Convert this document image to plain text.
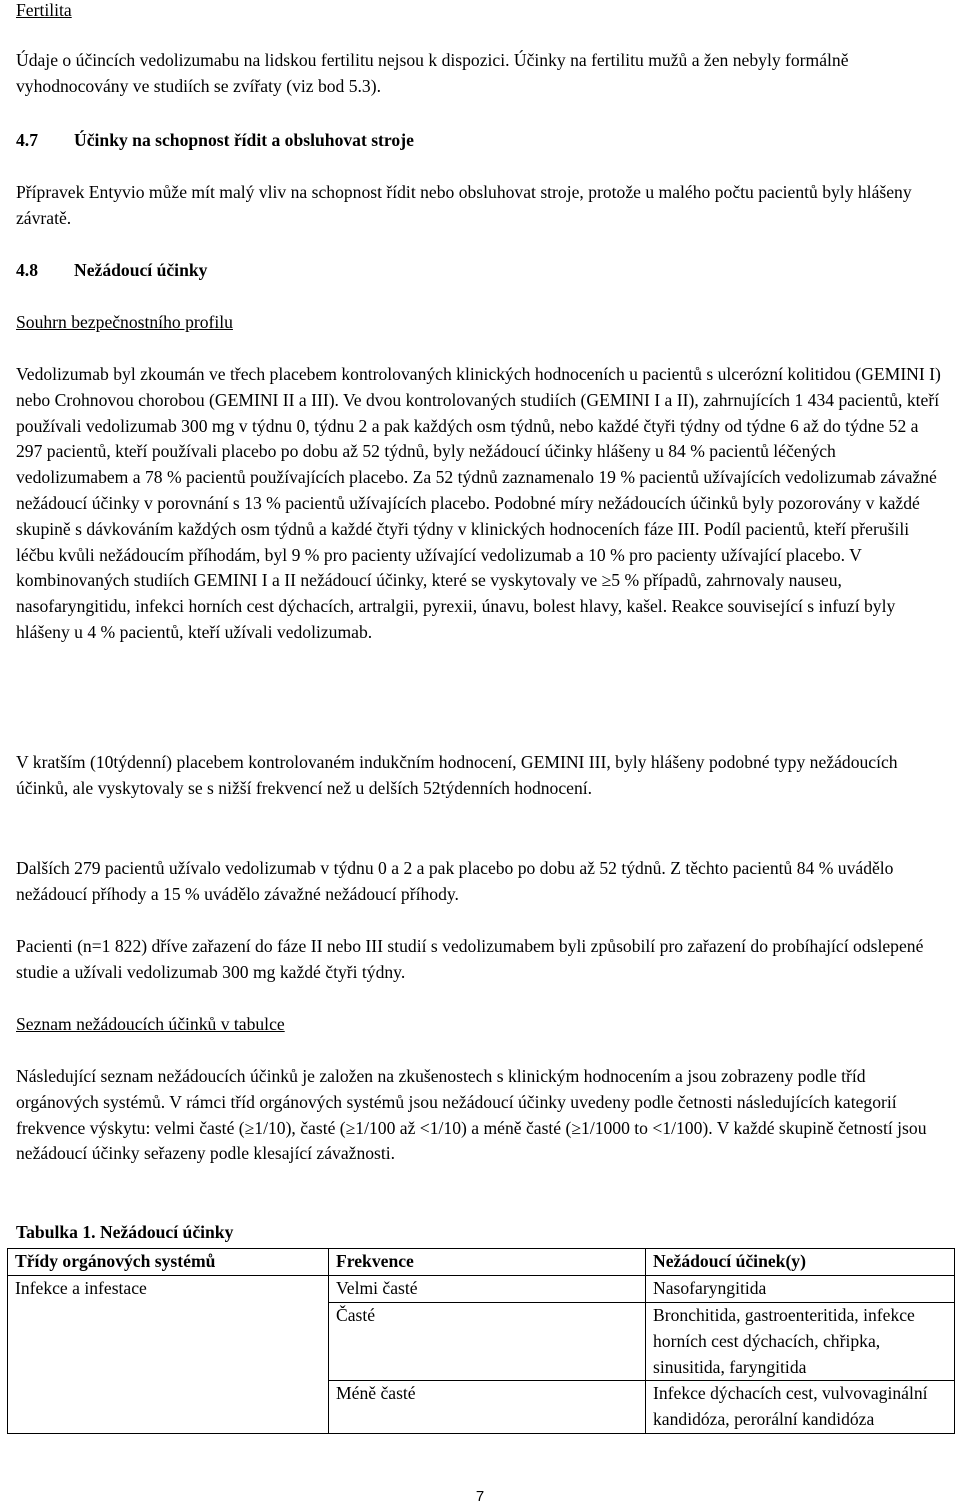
Fertilita
Údaje o účincích vedolizumabu na lidskou fertilitu nejsou k dispozici. Účinky na fertilitu mužů a žen nebyly formálně vyhodnocovány ve studiích se zvířaty (viz bod 5.3).
4.7 Účinky na schopnost řídit a obsluhovat stroje
Přípravek Entyvio může mít malý vliv na schopnost řídit nebo obsluhovat stroje, protože u malého počtu pacientů byly hlášeny závratě.
4.8 Nežádoucí účinky
Souhrn bezpečnostního profilu
Vedolizumab byl zkoumán ve třech placebem kontrolovaných klinických hodnoceních u pacientů s ulcerózní kolitidou (GEMINI I) nebo Crohnovou chorobou (GEMINI II a III). Ve dvou kontrolovaných studiích (GEMINI I a II), zahrnujících 1 434 pacientů, kteří používali vedolizumab 300 mg v týdnu 0, týdnu 2 a pak každých osm týdnů, nebo každé čtyři týdny od týdne 6 až do týdne 52 a 297 pacientů, kteří používali placebo po dobu až 52 týdnů, byly nežádoucí účinky hlášeny u 84 % pacientů léčených vedolizumabem a 78 % pacientů používajících placebo. Za 52 týdnů zaznamenalo 19 % pacientů užívajících vedolizumab závažné nežádoucí účinky v porovnání s 13 % pacientů užívajících placebo. Podobné míry nežádoucích účinků byly pozorovány v každé skupině s dávkováním každých osm týdnů a každé čtyři týdny v klinických hodnoceních fáze III. Podíl pacientů, kteří přerušili léčbu kvůli nežádoucím příhodám, byl 9 % pro pacienty užívající vedolizumab a 10 % pro pacienty užívající placebo. V kombinovaných studiích GEMINI I a II nežádoucí účinky, které se vyskytovaly ve ≥5 % případů, zahrnovaly nauseu, nasofaryngitidu, infekci horních cest dýchacích, artralgii, pyrexii, únavu, bolest hlavy, kašel. Reakce související s infuzí byly hlášeny u 4 % pacientů, kteří užívali vedolizumab.
V kratším (10týdenní) placebem kontrolovaném indukčním hodnocení, GEMINI III, byly hlášeny podobné typy nežádoucích účinků, ale vyskytovaly se s nižší frekvencí než u delších 52týdenních hodnocení.
Dalších 279 pacientů užívalo vedolizumab v týdnu 0 a 2 a pak placebo po dobu až 52 týdnů. Z těchto pacientů 84 % uvádělo nežádoucí příhody a 15 % uvádělo závažné nežádoucí příhody.
Pacienti (n=1 822) dříve zařazení do fáze II nebo III studií s vedolizumabem byli způsobilí pro zařazení do probíhající odslepené studie a užívali vedolizumab 300 mg každé čtyři týdny.
Seznam nežádoucích účinků v tabulce
Následující seznam nežádoucích účinků je založen na zkušenostech s klinickým hodnocením a jsou zobrazeny podle tříd orgánových systémů. V rámci tříd orgánových systémů jsou nežádoucí účinky uvedeny podle četnosti následujících kategorií frekvence výskytu: velmi časté (≥1/10), časté (≥1/100 až <1/10) a méně časté (≥1/1000 to <1/100). V každé skupině četností jsou nežádoucí účinky seřazeny podle klesající závažnosti.
Tabulka 1. Nežádoucí účinky
Třídy orgánových systémů	Frekvence	Nežádoucí účinek(y)
Infekce a infestace	Velmi časté	Nasofaryngitida
	Časté	Bronchitida, gastroenteritida, infekce horních cest dýchacích, chřipka, sinusitida, faryngitida
	Méně časté	Infekce dýchacích cest, vulvovaginální kandidóza, perorální kandidóza
7
